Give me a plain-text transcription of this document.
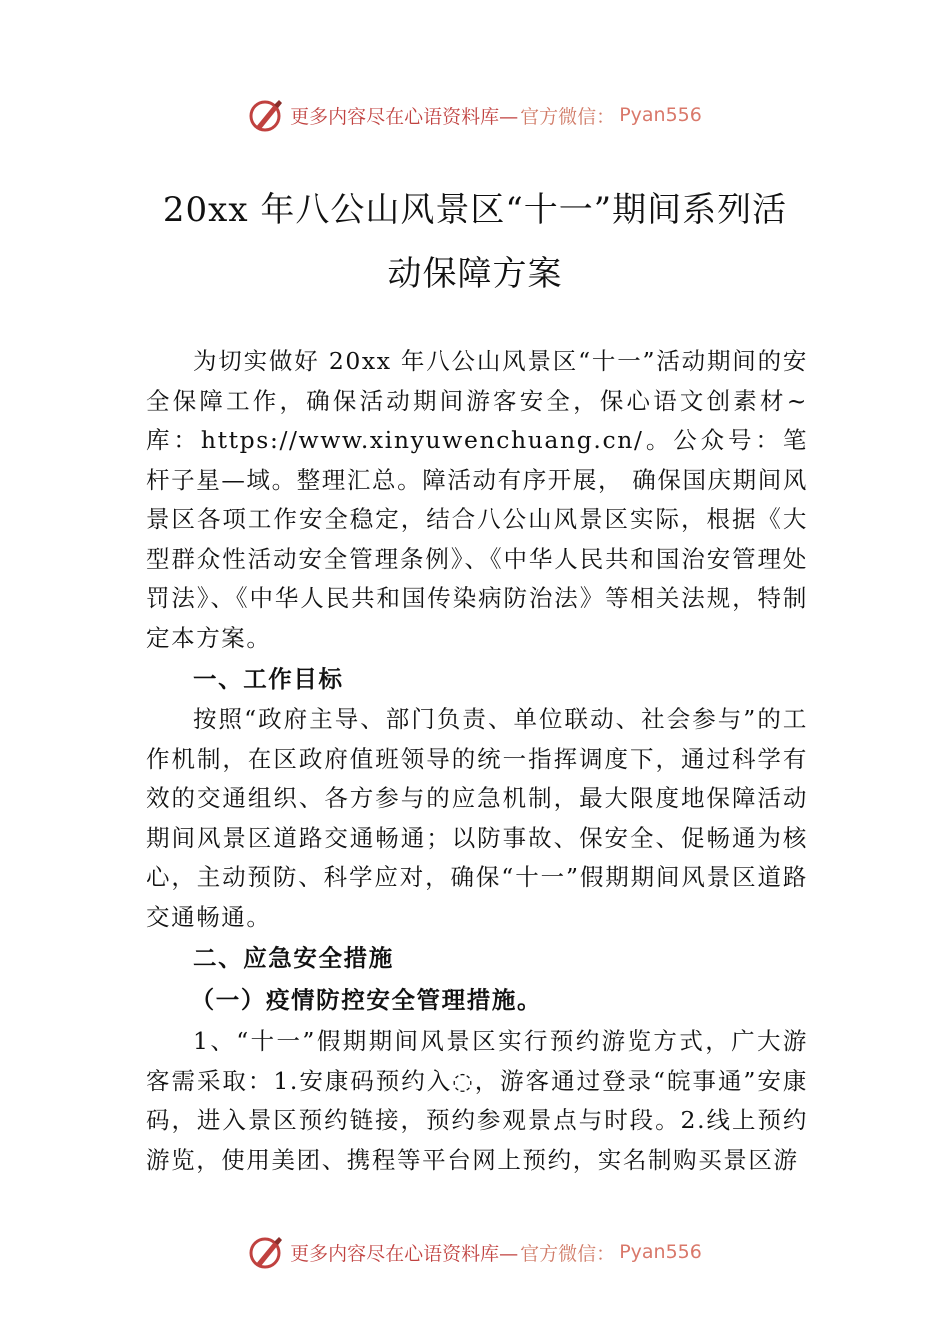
更多内容尽在心语资料库— 官方微信： Pyan556
20xx 年八公山风景区“十一”期间系列活
动保障方案

为切实做好 20xx 年八公山风景区“十一”活动期间的安全保障工作，确保活动期间游客安全，保心语文创素材~库：https://www.xinyuwenchuang.cn/。公众号：笔杆子星—域。整理汇总。障活动有序开展， 确保国庆期间风景区各项工作安全稳定，结合八公山风景区实际，根据《大型群众性活动安全管理条例》、《中华人民共和国治安管理处罚法》、《中华人民共和国传染病防治法》等相关法规，特制定本方案。

一、工作目标

按照“政府主导、部门负责、单位联动、社会参与”的工作机制，在区政府值班领导的统一指挥调度下，通过科学有效的交通组织、各方参与的应急机制，最大限度地保障活动期间风景区道路交通畅通；以防事故、保安全、促畅通为核心，主动预防、科学应对，确保“十一”假期期间风景区道路交通畅通。

二、应急安全措施
（一）疫情防控安全管理措施。

1、“十一”假期期间风景区实行预约游览方式，广大游客需采取：1.安康码预约入◌，游客通过登录“皖事通”安康码，进入景区预约链接，预约参观景点与时段。2.线上预约游览，使用美团、携程等平台网上预约，实名制购买景区游

更多内容尽在心语资料库— 官方微信： Pyan556
